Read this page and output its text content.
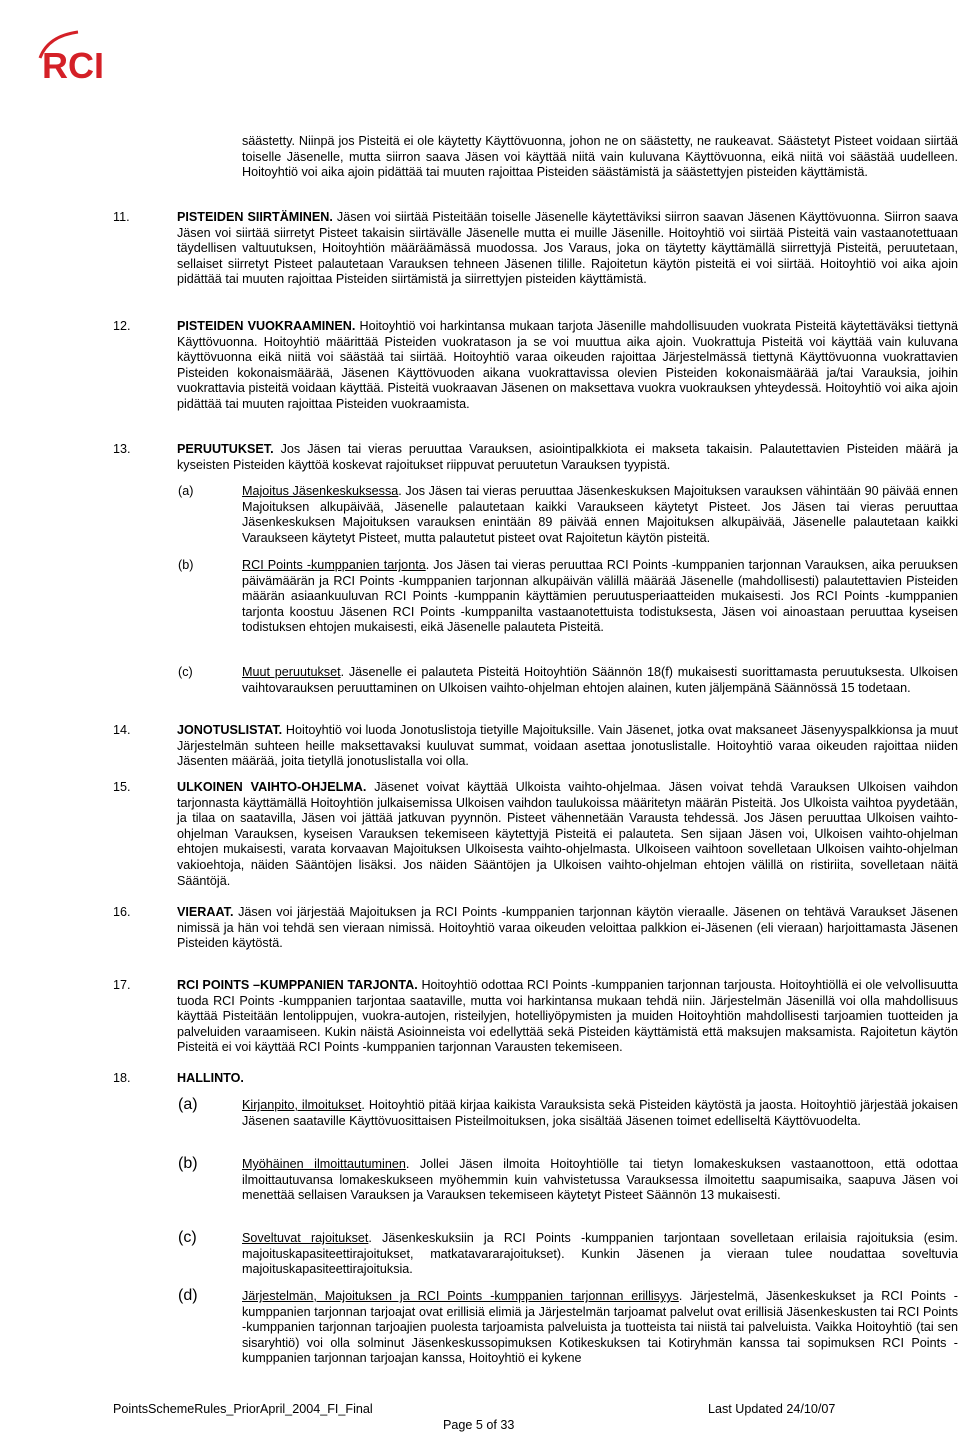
RCI

säästetty. Niinpä jos Pisteitä ei ole käytetty Käyttövuonna, johon ne on säästetty, ne raukeavat. Säästetyt Pisteet voidaan siirtää toiselle Jäsenelle, mutta siirron saava Jäsen voi käyttää niitä vain kuluvana Käyttövuonna, eikä niitä voi säästää uudelleen. Hoitoyhtiö voi aika ajoin pidättää tai muuten rajoittaa Pisteiden säästämistä ja säästettyjen pisteiden käyttämistä.

11.	PISTEIDEN SIIRTÄMINEN. Jäsen voi siirtää Pisteitään toiselle Jäsenelle käytettäviksi siirron saavan Jäsenen Käyttövuonna. Siirron saava Jäsen voi siirtää siirretyt Pisteet takaisin siirtävälle Jäsenelle mutta ei muille Jäsenille. Hoitoyhtiö voi siirtää Pisteitä vain vastaanotettuaan täydellisen valtuutuksen, Hoitoyhtiön määräämässä muodossa. Jos Varaus, joka on täytetty käyttämällä siirrettyjä Pisteitä, peruutetaan, sellaiset siirretyt Pisteet palautetaan Varauksen tehneen Jäsenen tilille. Rajoitetun käytön pisteitä ei voi siirtää. Hoitoyhtiö voi aika ajoin pidättää tai muuten rajoittaa Pisteiden siirtämistä ja siirrettyjen pisteiden käyttämistä.

12.	PISTEIDEN VUOKRAAMINEN. Hoitoyhtiö voi harkintansa mukaan tarjota Jäsenille mahdollisuuden vuokrata Pisteitä käytettäväksi tiettynä Käyttövuonna. Hoitoyhtiö määrittää Pisteiden vuokratason ja se voi muuttua aika ajoin. Vuokrattuja Pisteitä voi käyttää vain kuluvana käyttövuonna eikä niitä voi säästää tai siirtää. Hoitoyhtiö varaa oikeuden rajoittaa Järjestelmässä tiettynä Käyttövuonna vuokrattavien Pisteiden kokonaismäärää, Jäsenen Käyttövuoden aikana vuokrattavissa olevien Pisteiden kokonaismäärää ja/tai Varauksia, joihin vuokrattavia pisteitä voidaan käyttää. Pisteitä vuokraavan Jäsenen on maksettava vuokra vuokrauksen yhteydessä. Hoitoyhtiö voi aika ajoin pidättää tai muuten rajoittaa Pisteiden vuokraamista.

13.	PERUUTUKSET. Jos Jäsen tai vieras peruuttaa Varauksen, asiointipalkkiota ei makseta takaisin. Palautettavien Pisteiden määrä ja kyseisten Pisteiden käyttöä koskevat rajoitukset riippuvat peruutetun Varauksen tyypistä.

(a)	Majoitus Jäsenkeskuksessa. Jos Jäsen tai vieras peruuttaa Jäsenkeskuksen Majoituksen varauksen vähintään 90 päivää ennen Majoituksen alkupäivää, Jäsenelle palautetaan kaikki Varaukseen käytetyt Pisteet. Jos Jäsen tai vieras peruuttaa Jäsenkeskuksen Majoituksen varauksen enintään 89 päivää ennen Majoituksen alkupäivää, Jäsenelle palautetaan kaikki Varaukseen käytetyt Pisteet, mutta palautetut pisteet ovat Rajoitetun käytön pisteitä.

(b)	RCI Points -kumppanien tarjonta. Jos Jäsen tai vieras peruuttaa RCI Points -kumppanien tarjonnan Varauksen, aika peruuksen päivämäärän ja RCI Points -kumppanien tarjonnan alkupäivän välillä määrää Jäsenelle (mahdollisesti) palautettavien Pisteiden määrän asiaankuuluvan RCI Points -kumppanin käyttämien peruutusperiaatteiden mukaisesti. Jos RCI Points -kumppanien tarjonta koostuu Jäsenen RCI Points -kumppanilta vastaanotettuista todistuksesta, Jäsen voi ainoastaan peruuttaa kyseisen todistuksen ehtojen mukaisesti, eikä Jäsenelle palauteta Pisteitä.

(c)	Muut peruutukset. Jäsenelle ei palauteta Pisteitä Hoitoyhtiön Säännön 18(f) mukaisesti suorittamasta peruutuksesta. Ulkoisen vaihtovarauksen peruuttaminen on Ulkoisen vaihto-ohjelman ehtojen alainen, kuten jäljempänä Säännössä 15 todetaan.

14.	JONOTUSLISTAT. Hoitoyhtiö voi luoda Jonotuslistoja tietyille Majoituksille. Vain Jäsenet, jotka ovat maksaneet Jäsenyyspalkkionsa ja muut Järjestelmän suhteen heille maksettavaksi kuuluvat summat, voidaan asettaa jonotuslistalle. Hoitoyhtiö varaa oikeuden rajoittaa niiden Jäsenten määrää, joita tietyllä jonotuslistalla voi olla.

15.	ULKOINEN VAIHTO-OHJELMA. Jäsenet voivat käyttää Ulkoista vaihto-ohjelmaa. Jäsen voivat tehdä Varauksen Ulkoisen vaihdon tarjonnasta käyttämällä Hoitoyhtiön julkaisemissa Ulkoisen vaihdon taulukoissa määritetyn määrän Pisteitä. Jos Ulkoista vaihtoa pyydetään, ja tilaa on saatavilla, Jäsen voi jättää jatkuvan pyynnön. Pisteet vähennetään Varausta tehdessä. Jos Jäsen peruuttaa Ulkoisen vaihto-ohjelman Varauksen, kyseisen Varauksen tekemiseen käytettyjä Pisteitä ei palauteta. Sen sijaan Jäsen voi, Ulkoisen vaihto-ohjelman ehtojen mukaisesti, varata korvaavan Majoituksen Ulkoisesta vaihto-ohjelmasta. Ulkoiseen vaihtoon sovelletaan Ulkoisen vaihto-ohjelman vakioehtoja, näiden Sääntöjen lisäksi. Jos näiden Sääntöjen ja Ulkoisen vaihto-ohjelman ehtojen välillä on ristiriita, sovelletaan näitä Sääntöjä.

16.	VIERAAT. Jäsen voi järjestää Majoituksen ja RCI Points -kumppanien tarjonnan käytön vieraalle. Jäsenen on tehtävä Varaukset Jäsenen nimissä ja hän voi tehdä sen vieraan nimissä. Hoitoyhtiö varaa oikeuden veloittaa palkkion ei-Jäsenen (eli vieraan) harjoittamasta Jäsenen Pisteiden käytöstä.

17.	RCI POINTS –KUMPPANIEN TARJONTA. Hoitoyhtiö odottaa RCI Points -kumppanien tarjonnan tarjousta. Hoitoyhtiöllä ei ole velvollisuutta tuoda RCI Points -kumppanien tarjontaa saataville, mutta voi harkintansa mukaan tehdä niin. Järjestelmän Jäsenillä voi olla mahdollisuus käyttää Pisteitään lentolippujen, vuokra-autojen, risteilyjen, hotelliyöpymisten ja muiden Hoitoyhtiön mahdollisesti tarjoamien tuotteiden ja palveluiden varaamiseen. Kukin näistä Asioinneista voi edellyttää sekä Pisteiden käyttämistä että maksujen maksamista. Rajoitetun käytön Pisteitä ei voi käyttää RCI Points -kumppanien tarjonnan Varausten tekemiseen.

18.	HALLINTO.

(a)	Kirjanpito, ilmoitukset. Hoitoyhtiö pitää kirjaa kaikista Varauksista sekä Pisteiden käytöstä ja jaosta. Hoitoyhtiö järjestää jokaisen Jäsenen saataville Käyttövuosittaisen Pisteilmoituksen, joka sisältää Jäsenen toimet edelliseltä Käyttövuodelta.

(b)	Myöhäinen ilmoittautuminen. Jollei Jäsen ilmoita Hoitoyhtiölle tai tietyn lomakeskuksen vastaanottoon, että odottaa ilmoittautuvansa lomakeskukseen myöhemmin kuin vahvistetussa Varauksessa ilmoitettu saapumisaika, saapuva Jäsen voi menettää sellaisen Varauksen ja Varauksen tekemiseen käytetyt Pisteet Säännön 13 mukaisesti.

(c)	Soveltuvat rajoitukset. Jäsenkeskuksiin ja RCI Points -kumppanien tarjontaan sovelletaan erilaisia rajoituksia (esim. majoituskapasiteettirajoitukset, matkatavararajoitukset). Kunkin Jäsenen ja vieraan tulee noudattaa soveltuvia majoituskapasiteettirajoituksia.

(d)	Järjestelmän, Majoituksen ja RCI Points -kumppanien tarjonnan erillisyys. Järjestelmä, Jäsenkeskukset ja RCI Points -kumppanien tarjonnan tarjoajat ovat erillisiä elimiä ja Järjestelmän tarjoamat palvelut ovat erillisiä Jäsenkeskusten tai RCI Points -kumppanien tarjonnan tarjoajien puolesta tarjoamista palveluista ja tuotteista tai niistä tai palveluista. Vaikka Hoitoyhtiö (tai sen sisaryhtiö) voi olla solminut Jäsenkeskussopimuksen Kotikeskuksen tai Kotiryhmän kanssa tai sopimuksen RCI Points -kumppanien tarjonnan tarjoajan kanssa, Hoitoyhtiö ei kykene

PointsSchemeRules_PriorApril_2004_FI_Final	Last Updated 24/10/07
Page 5 of 33
